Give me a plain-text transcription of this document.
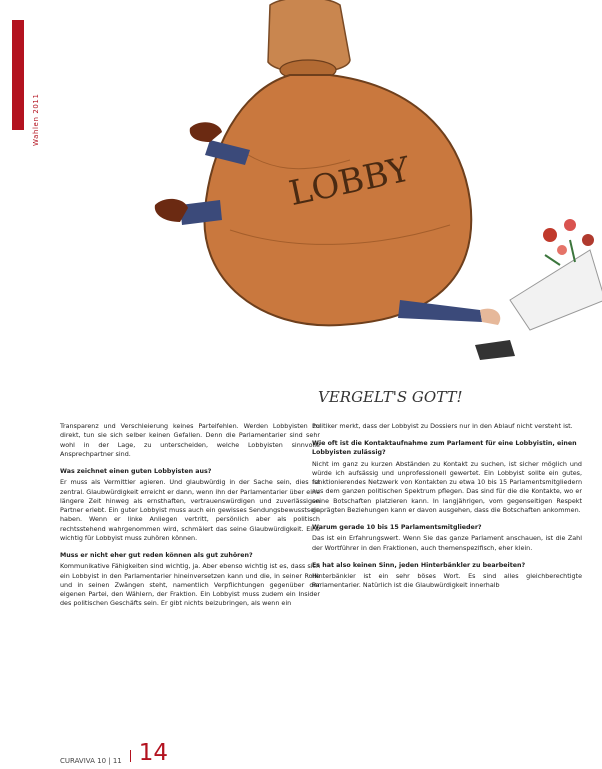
Wahlen 2011
LOBBY
VERGELT'S GOTT!

Transparenz und Verschleierung keines Parteifehlen. Werden Lobbyisten zu direkt, tun sie sich selber keinen Gefallen. Denn die Parlamentarier sind sehr wohl in der Lage, zu unterscheiden, welche Lobbyisten sinnvolle Ansprechpartner sind.

Was zeichnet einen guten Lobbyisten aus?

Er muss als Vermittler agieren. Und glaubwürdig in der Sache sein, dies ist zentral. Glaubwürdigkeit erreicht er dann, wenn ihn der Parlamentarier über eine längere Zeit hinweg als ernsthaften, vertrauenswürdigen und zuverlässigen Partner erlebt. Ein guter Lobbyist muss auch ein gewisses Sendungsbewusstsein haben. Wenn er linke Anliegen vertritt, persönlich aber als politisch rechtsstehend wahrgenommen wird, schmälert das seine Glaubwürdigkeit. Eine wichtig für Lobbyist muss zuhören können.

Muss er nicht eher gut reden können als gut zuhören?

Kommunikative Fähigkeiten sind wichtig, ja. Aber ebenso wichtig ist es, dass sich ein Lobbyist in den Parlamentarier hineinversetzen kann und die, in seiner Rolle und in seinen Zwängen steht, namentlich Verpflichtungen gegenüber der eigenen Partei, den Wählern, der Fraktion. Ein Lobbyist muss zudem ein Insider des politischen Geschäfts sein. Er gibt nichts beizubringen, als wenn ein

Politiker merkt, dass der Lobbyist zu Dossiers nur in den Ablauf nicht versteht ist.

Wie oft ist die Kontaktaufnahme zum Parlament für eine Lobbyistin, einen Lobbyisten zulässig?

Nicht im ganz zu kurzen Abständen zu Kontakt zu suchen, ist sicher möglich und würde ich aufsässig und unprofessionell gewertet. Ein Lobbyist sollte ein gutes, funktionierendes Netzwerk von Kontakten zu etwa 10 bis 15 Parlamentsmitgliedern aus dem ganzen politischen Spektrum pflegen. Das sind für die die Kontakte, wo er seine Botschaften platzieren kann. In langjährigen, vom gegenseitigen Respekt geprägten Beziehungen kann er davon ausgehen, dass die Botschaften ankommen.

Warum gerade 10 bis 15 Parlamentsmitglieder?

Das ist ein Erfahrungswert. Wenn Sie das ganze Parlament anschauen, ist die Zahl der Wortführer in den Fraktionen, auch themenspezifisch, eher klein.

Es hat also keinen Sinn, jeden Hinterbänkler zu bearbeiten?

Hinterbänkler ist ein sehr böses Wort. Es sind alles gleichberechtigte Parlamentarier. Natürlich ist die Glaubwürdigkeit innerhalb

CURAVIVA 10 | 11 14
